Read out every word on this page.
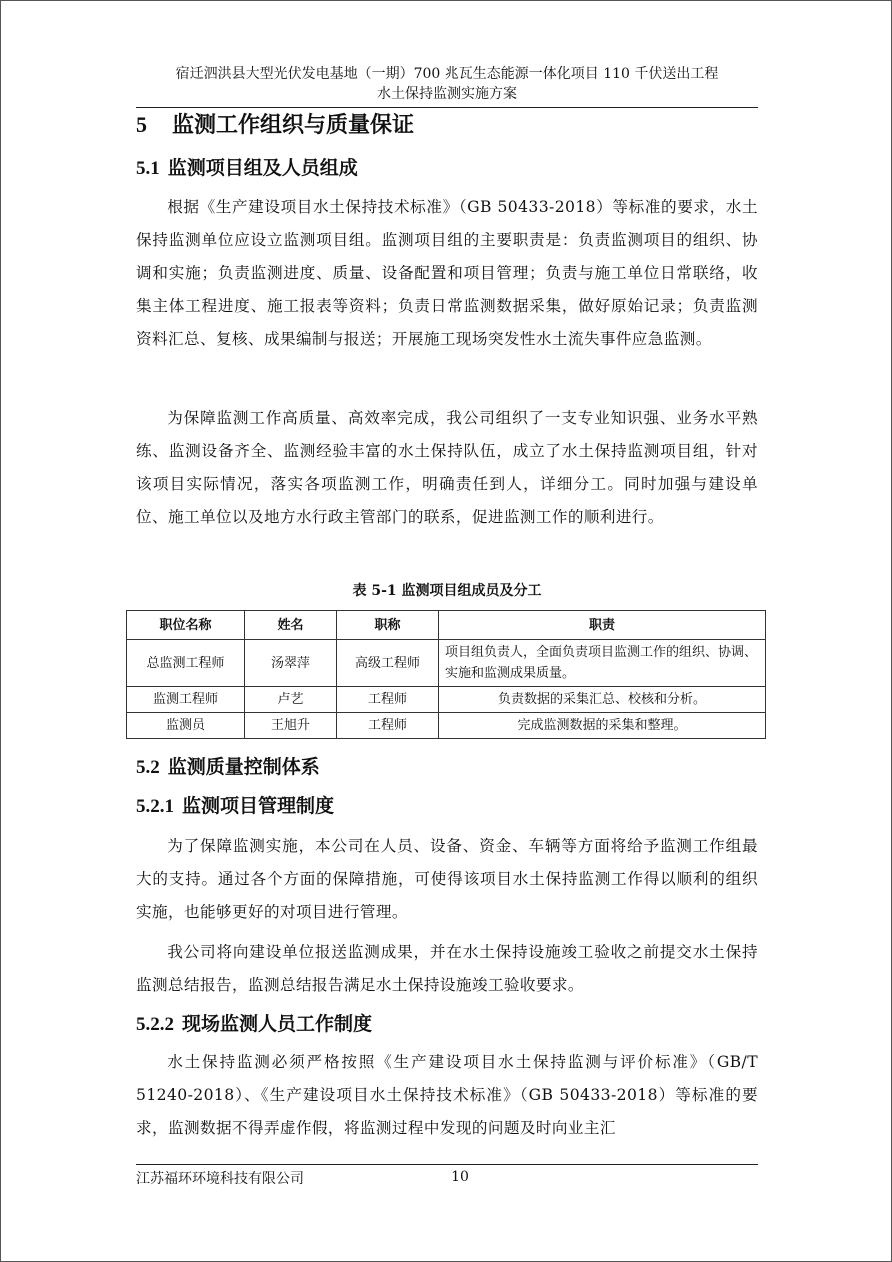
宿迁泗洪县大型光伏发电基地（一期）700 兆瓦生态能源一体化项目 110 千伏送出工程
水土保持监测实施方案
5 监测工作组织与质量保证
5.1 监测项目组及人员组成
根据《生产建设项目水土保持技术标准》（GB 50433-2018）等标准的要求，水土保持监测单位应设立监测项目组。监测项目组的主要职责是：负责监测项目的组织、协调和实施；负责监测进度、质量、设备配置和项目管理；负责与施工单位日常联络，收集主体工程进度、施工报表等资料；负责日常监测数据采集，做好原始记录；负责监测资料汇总、复核、成果编制与报送；开展施工现场突发性水土流失事件应急监测。
为保障监测工作高质量、高效率完成，我公司组织了一支专业知识强、业务水平熟练、监测设备齐全、监测经验丰富的水土保持队伍，成立了水土保持监测项目组，针对该项目实际情况，落实各项监测工作，明确责任到人，详细分工。同时加强与建设单位、施工单位以及地方水行政主管部门的联系，促进监测工作的顺利进行。
表 5-1 监测项目组成员及分工
职位名称	姓名	职称	职责
总监测工程师	汤翠萍	高级工程师	项目组负责人，全面负责项目监测工作的组织、协调、实施和监测成果质量。
监测工程师	卢艺	工程师	负责数据的采集汇总、校核和分析。
监测员	王旭升	工程师	完成监测数据的采集和整理。
5.2 监测质量控制体系
5.2.1 监测项目管理制度
为了保障监测实施，本公司在人员、设备、资金、车辆等方面将给予监测工作组最大的支持。通过各个方面的保障措施，可使得该项目水土保持监测工作得以顺利的组织实施，也能够更好的对项目进行管理。
我公司将向建设单位报送监测成果，并在水土保持设施竣工验收之前提交水土保持监测总结报告，监测总结报告满足水土保持设施竣工验收要求。
5.2.2 现场监测人员工作制度
水土保持监测必须严格按照《生产建设项目水土保持监测与评价标准》（GB/T 51240-2018）、《生产建设项目水土保持技术标准》（GB 50433-2018）等标准的要求，监测数据不得弄虚作假，将监测过程中发现的问题及时向业主汇
江苏福环环境科技有限公司	10
